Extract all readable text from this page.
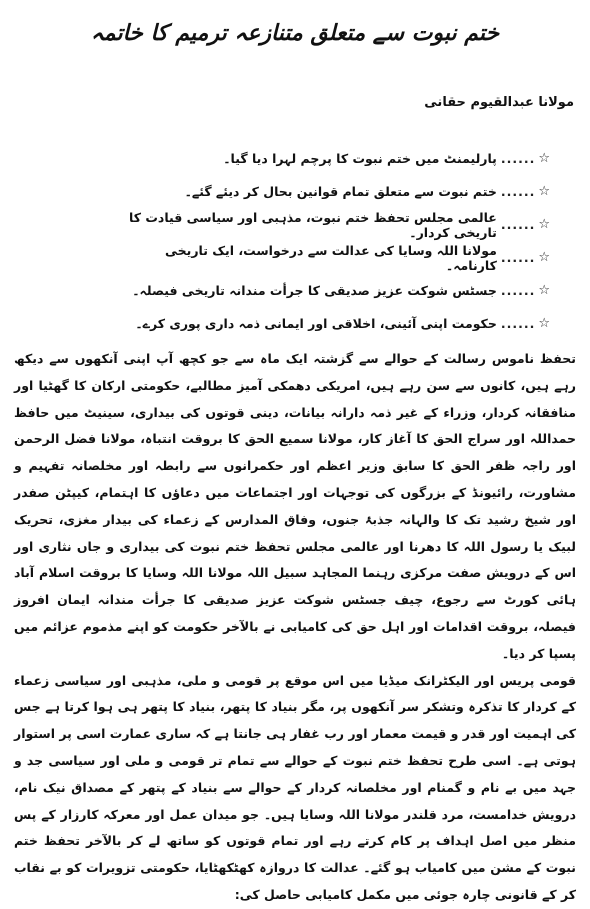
ختم نبوت سے متعلق متنازعہ ترمیم کا خاتمہ
مولانا عبدالقیوم حقانی
☆
......
پارلیمنٹ میں ختم نبوت کا پرچم لہرا دیا گیا۔
☆
......
ختم نبوت سے متعلق تمام قوانین بحال کر دیئے گئے۔
☆
......
عالمی مجلس تحفظ ختم نبوت، مذہبی اور سیاسی قیادت کا تاریخی کردار۔
☆
......
مولانا اللہ وسایا کی عدالت سے درخواست، ایک تاریخی کارنامہ۔
☆
......
جسٹس شوکت عزیز صدیقی کا جرأت مندانہ تاریخی فیصلہ۔
☆
......
حکومت اپنی آئینی، اخلاقی اور ایمانی ذمہ داری پوری کرے۔

تحفظ ناموس رسالت کے حوالے سے گزشتہ ایک ماہ سے جو کچھ آپ اپنی آنکھوں سے دیکھ رہے ہیں، کانوں سے سن رہے ہیں، امریکی دھمکی آمیز مطالبے، حکومتی ارکان کا گھٹیا اور منافقانہ کردار، وزراء کے غیر ذمہ دارانہ بیانات، دینی قوتوں کی بیداری، سینیٹ میں حافظ حمداللہ اور سراج الحق کا آغاز کار، مولانا سمیع الحق کا بروقت انتباہ، مولانا فضل الرحمن اور راجہ ظفر الحق کا سابق وزیر اعظم اور حکمرانوں سے رابطہ اور مخلصانہ تفہیم و مشاورت، رائیونڈ کے بزرگوں کی توجہات اور اجتماعات میں دعاؤں کا اہتمام، کیپٹن صفدر اور شیخ رشید تک کا والہانہ جذبۂ جنوں، وفاق المدارس کے زعماء کی بیدار مغزی، تحریک لبیک یا رسول اللہ کا دھرنا اور عالمی مجلس تحفظ ختم نبوت کی بیداری و جاں نثاری اور اس کے درویش صفت مرکزی رہنما المجاہد سبیل اللہ مولانا اللہ وسایا کا بروقت اسلام آباد ہائی کورٹ سے رجوع، چیف جسٹس شوکت عزیز صدیقی کا جرأت مندانہ ایمان افروز فیصلہ، بروقت اقدامات اور اہل حق کی کامیابی نے بالآخر حکومت کو اپنے مذموم عزائم میں پسپا کر دیا۔

قومی پریس اور الیکٹرانک میڈیا میں اس موقع پر قومی و ملی، مذہبی اور سیاسی زعماء کے کردار کا تذکرہ وتشکر سر آنکھوں پر، مگر بنیاد کا پتھر، بنیاد کا پتھر ہی ہوا کرتا ہے جس کی اہمیت اور قدر و قیمت معمار اور رب غفار ہی جانتا ہے کہ ساری عمارت اسی پر استوار ہوتی ہے۔ اسی طرح تحفظ ختم نبوت کے حوالے سے تمام تر قومی و ملی اور سیاسی جد و جہد میں بے نام و گمنام اور مخلصانہ کردار کے حوالے سے بنیاد کے پتھر کے مصداق نیک نام، درویش خدامست، مرد قلندر مولانا اللہ وسایا ہیں۔ جو میدان عمل اور معرکہ کارزار کے پس منظر میں اصل اہداف پر کام کرتے رہے اور تمام قوتوں کو ساتھ لے کر بالآخر تحفظ ختم نبوت کے مشن میں کامیاب ہو گئے۔ عدالت کا دروازہ کھٹکھٹایا، حکومتی تزویرات کو بے نقاب کر کے قانونی چارہ جوئی میں مکمل کامیابی حاصل کی:
